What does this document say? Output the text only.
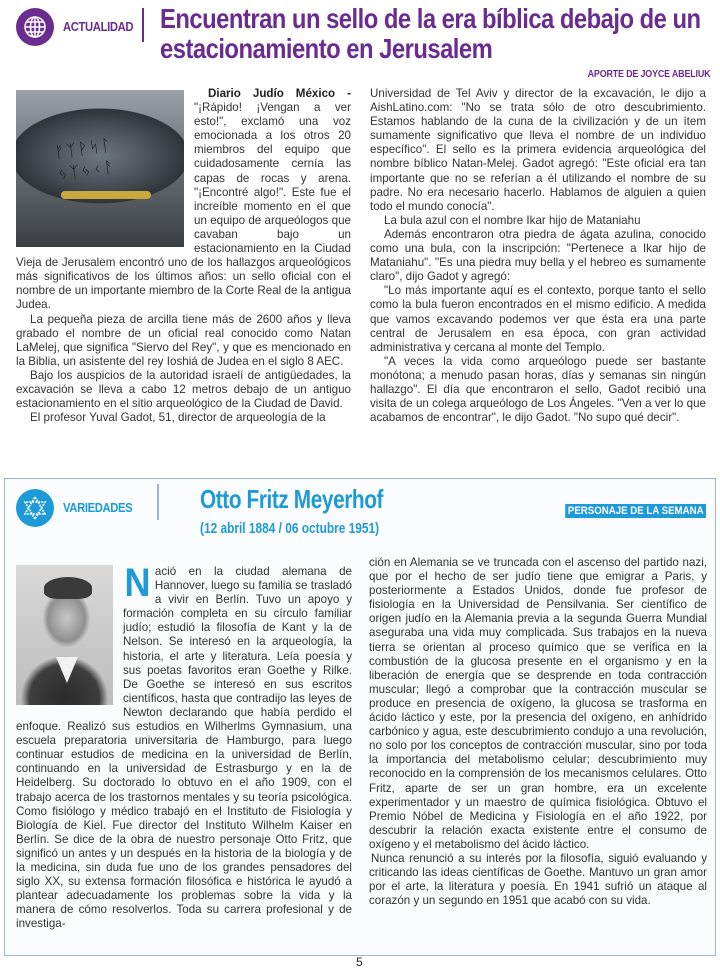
ACTUALIDAD Encuentran un sello de la era bíblica debajo de un estacionamiento en Jerusalem
APORTE DE JOYCE ABELIUK
ᚠᛉᚹᛋᛚ
ᛃᛉᛃᚲᚨ

Diario Judío México - "¡Rápido! ¡Vengan a ver esto!", exclamó una voz emocionada a los otros 20 miembros del equipo que cuidadosamente cernía las capas de rocas y arena. "¡Encontré algo!". Este fue el increíble momento en el que un equipo de arqueólogos que cavaban bajo un estacionamiento en la Ciudad Vieja de Jerusalem encontró uno de los hallazgos arqueológicos más significativos de los últimos años: un sello oficial con el nombre de un importante miembro de la Corte Real de la antigua Judea.

La pequeña pieza de arcilla tiene más de 2600 años y lleva grabado el nombre de un oficial real conocido como Natan LaMelej, que significa "Siervo del Rey", y que es mencionado en la Biblia, un asistente del rey Ioshiá de Judea en el siglo 8 AEC.

Bajo los auspicios de la autoridad israelí de antigüedades, la excavación se lleva a cabo 12 metros debajo de un antiguo estacionamiento en el sitio arqueológico de la Ciudad de David.

El profesor Yuval Gadot, 51, director de arqueología de la

Universidad de Tel Aviv y director de la excavación, le dijo a AishLatino.com: "No se trata sólo de otro descubrimiento. Estamos hablando de la cuna de la civilización y de un ítem sumamente significativo que lleva el nombre de un individuo específico". El sello es la primera evidencia arqueológica del nombre bíblico Natan-Melej. Gadot agregó: "Este oficial era tan importante que no se referían a él utilizando el nombre de su padre. No era necesario hacerlo. Hablamos de alguien a quien todo el mundo conocía".

La bula azul con el nombre Ikar hijo de Mataniahu

Además encontraron otra piedra de ágata azulina, conocido como una bula, con la inscripción: "Pertenece a Ikar hijo de Mataniahu". "Es una piedra muy bella y el hebreo es sumamente claro", dijo Gadot y agregó:

"Lo más importante aquí es el contexto, porque tanto el sello como la bula fueron encontrados en el mismo edificio. A medida que vamos excavando podemos ver que ésta era una parte central de Jerusalem en esa época, con gran actividad administrativa y cercana al monte del Templo.

"A veces la vida como arqueólogo puede ser bastante monótona; a menudo pasan horas, días y semanas sin ningún hallazgo". El día que encontraron el sello, Gadot recibió una visita de un colega arqueólogo de Los Ángeles. "Ven a ver lo que acabamos de encontrar", le dijo Gadot. "No supo qué decir".

VARIEDADES	Otto Fritz Meyerhof
(12 abril 1884 / 06 octubre 1951)
PERSONAJE DE LA SEMANA

Nació en la ciudad alemana de Hannover, luego su familia se trasladó a vivir en Berlín. Tuvo un apoyo y formación completa en su círculo familiar judío; estudió la filosofía de Kant y la de Nelson. Se interesó en la arqueología, la historia, el arte y literatura. Leía poesía y sus poetas favoritos eran Goethe y Rilke. De Goethe se interesó en sus escritos científicos, hasta que contradijo las leyes de Newton declarando que había perdido el enfoque. Realizó sus estudios en Wilherlms Gymnasium, una escuela preparatoria universitaria de Hamburgo, para luego continuar estudios de medicina en la universidad de Berlín, continuando en la universidad de Estrasburgo y en la de Heidelberg. Su doctorado lo obtuvo en el año 1909, con el trabajo acerca de los trastornos mentales y su teoría psicológica. Como fisiólogo y médico trabajó en el Instituto de Fisiología y Biología de Kiel. Fue director del Instituto Wilhelm Kaiser en Berlín. Se dice de la obra de nuestro personaje Otto Fritz, que significó un antes y un después en la historia de la biología y de la medicina, sin duda fue uno de los grandes pensadores del siglo XX, su extensa formación filosófica e histórica le ayudó a plantear adecuadamente los problemas sobre la vida y la manera de cómo resolverlos. Toda su carrera profesional y de investiga-

ción en Alemania se ve truncada con el ascenso del partido nazi, que por el hecho de ser judío tiene que emigrar a Paris, y posteriormente a Estados Unidos, donde fue profesor de fisiología en la Universidad de Pensilvania. Ser científico de origen judío en la Alemania previa a la segunda Guerra Mundial aseguraba una vida muy complicada. Sus trabajos en la nueva tierra se orientan al proceso químico que se verifica en la combustión de la glucosa presente en el organismo y en la liberación de energía que se desprende en toda contracción muscular; llegó a comprobar que la contracción muscular se produce en presencia de oxígeno, la glucosa se trasforma en ácido láctico y este, por la presencia del oxígeno, en anhídrido carbónico y agua, este descubrimiento condujo a una revolución, no solo por los conceptos de contracción muscular, sino por toda la importancia del metabolismo celular; descubrimiento muy reconocido en la comprensión de los mecanismos celulares. Otto Fritz, aparte de ser un gran hombre, era un excelente experimentador y un maestro de química fisiológica. Obtuvo el Premio Nóbel de Medicina y Fisiología en el año 1922, por descubrir la relación exacta existente entre el consumo de oxígeno y el metabolismo del ácido láctico.

Nunca renunció a su interés por la filosofía, siguió evaluando y criticando las ideas científicas de Goethe. Mantuvo un gran amor por el arte, la literatura y poesía. En 1941 sufrió un ataque al corazón y un segundo en 1951 que acabó con su vida.

5
